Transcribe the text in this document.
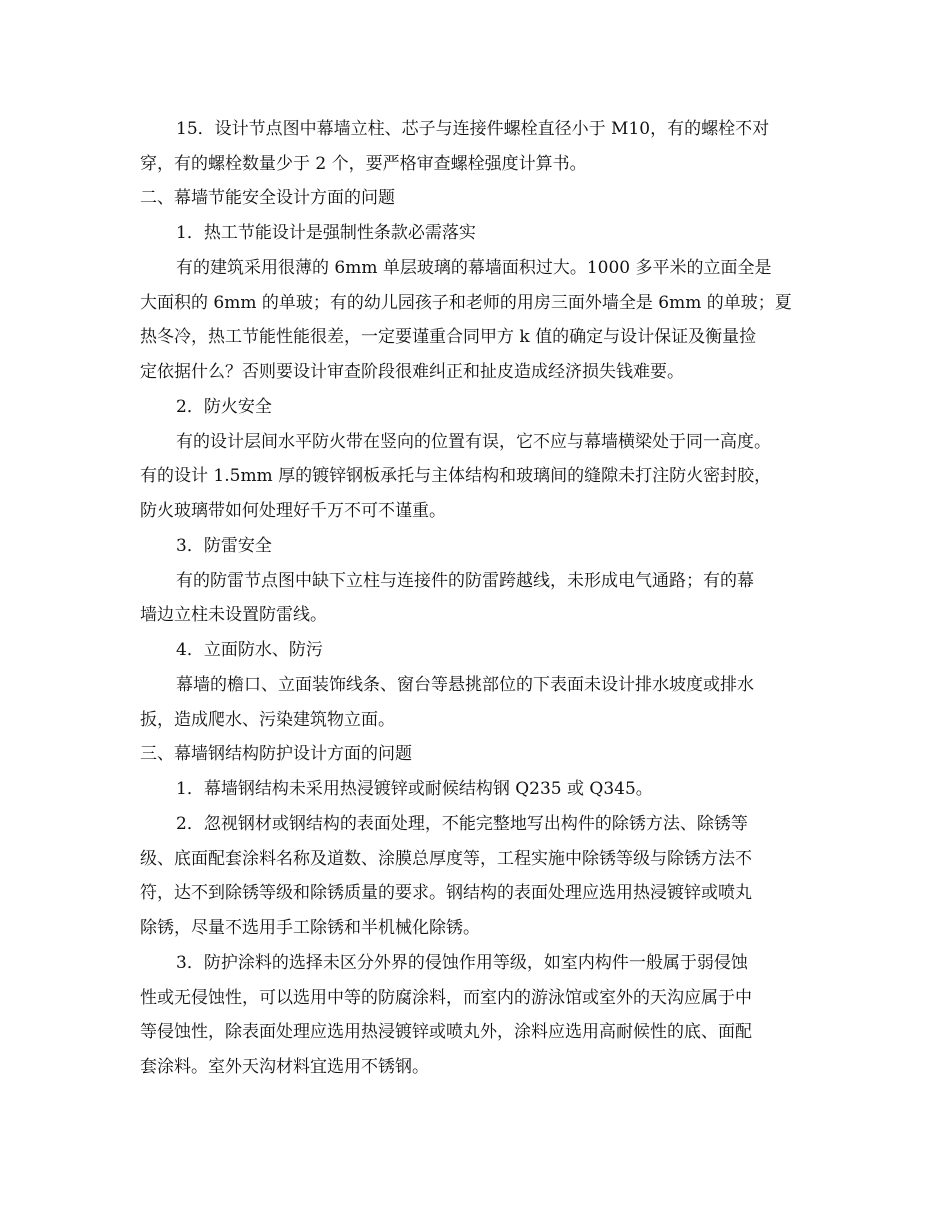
15．设计节点图中幕墙立柱、芯子与连接件螺栓直径小于 M10，有的螺栓不对

穿，有的螺栓数量少于 2 个，要严格审查螺栓强度计算书。

二、幕墙节能安全设计方面的问题

1．热工节能设计是强制性条款必需落实

有的建筑采用很薄的 6mm 单层玻璃的幕墙面积过大。1000 多平米的立面全是

大面积的 6mm 的单玻；有的幼儿园孩子和老师的用房三面外墙全是 6mm 的单玻；夏

热冬冷，热工节能性能很差，一定要谨重合同甲方 k 值的确定与设计保证及衡量捡

定依据什么？否则要设计审查阶段很难纠正和扯皮造成经济损失钱难要。

2．防火安全

有的设计层间水平防火带在竖向的位置有误，它不应与幕墙横梁处于同一高度。

有的设计 1.5mm 厚的镀锌钢板承托与主体结构和玻璃间的缝隙未打注防火密封胶，

防火玻璃带如何处理好千万不可不谨重。

3．防雷安全

有的防雷节点图中缺下立柱与连接件的防雷跨越线，未形成电气通路；有的幕

墙边立柱未设置防雷线。

4．立面防水、防污

幕墙的檐口、立面装饰线条、窗台等悬挑部位的下表面未设计排水坡度或排水

扳，造成爬水、污染建筑物立面。

三、幕墙钢结构防护设计方面的问题

1．幕墙钢结构未采用热浸镀锌或耐候结构钢 Q235 或 Q345。

2．忽视钢材或钢结构的表面处理，不能完整地写出构件的除锈方法、除锈等

级、底面配套涂料名称及道数、涂膜总厚度等，工程实施中除锈等级与除锈方法不

符，达不到除锈等级和除锈质量的要求。钢结构的表面处理应选用热浸镀锌或喷丸

除锈，尽量不选用手工除锈和半机械化除锈。

3．防护涂料的选择未区分外界的侵蚀作用等级，如室内构件一般属于弱侵蚀

性或无侵蚀性，可以选用中等的防腐涂料，而室内的游泳馆或室外的天沟应属于中

等侵蚀性，除表面处理应选用热浸镀锌或喷丸外，涂料应选用高耐候性的底、面配

套涂料。室外天沟材料宜选用不锈钢。
